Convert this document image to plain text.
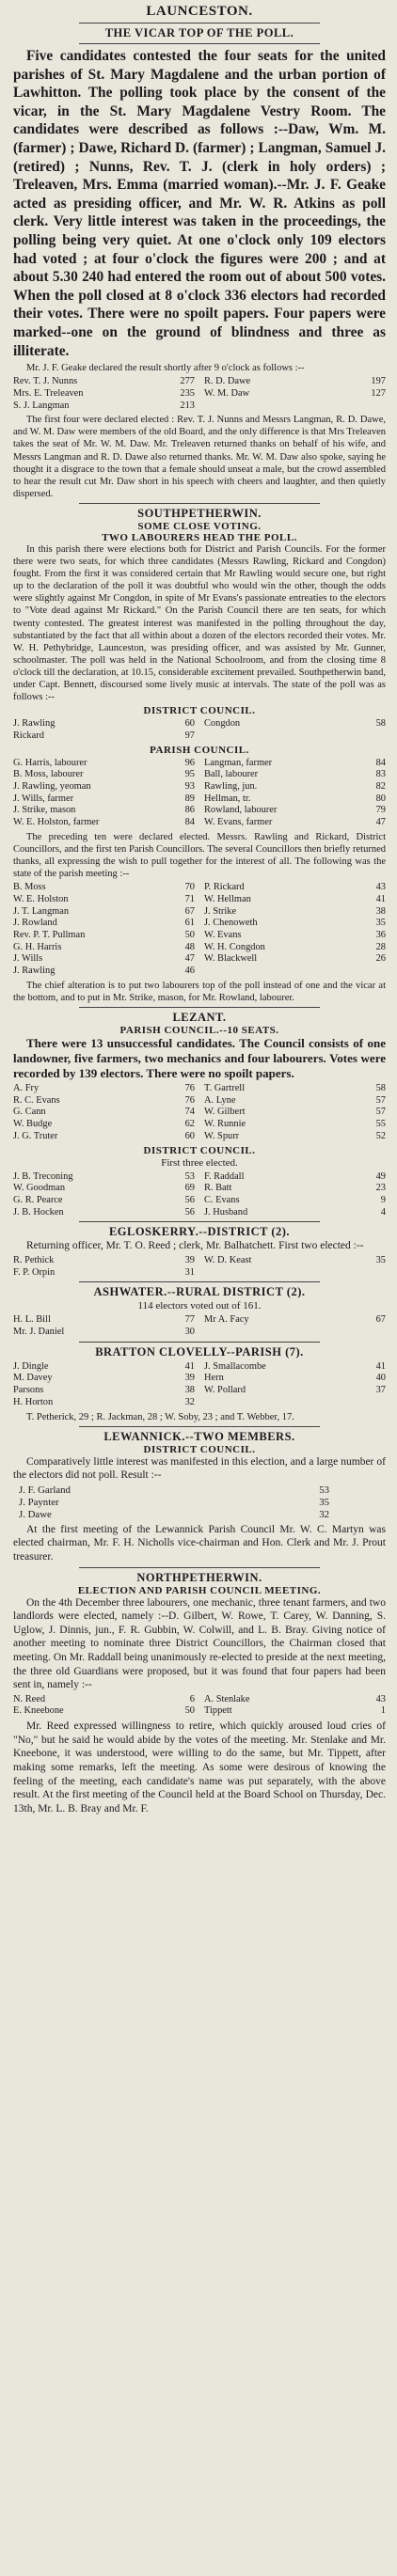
LAUNCESTON.
THE VICAR TOP OF THE POLL.

Five candidates contested the four seats for the united parishes of St. Mary Magdalene and the urban portion of Lawhitton. The polling took place by the consent of the vicar, in the St. Mary Magdalene Vestry Room. The candidates were described as follows :--Daw, Wm. M. (farmer) ; Dawe, Richard D. (farmer) ; Langman, Samuel J. (retired) ; Nunns, Rev. T. J. (clerk in holy orders) ; Treleaven, Mrs. Emma (married woman).--Mr. J. F. Geake acted as presiding officer, and Mr. W. R. Atkins as poll clerk. Very little interest was taken in the proceedings, the polling being very quiet. At one o'clock only 109 electors had voted ; at four o'clock the figures were 200 ; and at about 5.30 240 had entered the room out of about 500 votes. When the poll closed at 8 o'clock 336 electors had recorded their votes. There were no spoilt papers. Four papers were marked--one on the ground of blindness and three as illiterate.

Mr. J. F. Geake declared the result shortly after 9 o'clock as follows :--

Rev. T. J. Nunns	277 R. D. Dawe	197
Mrs. E. Treleaven	235 W. M. Daw	127
S. J. Langman	213

The first four were declared elected : Rev. T. J. Nunns and Messrs Langman, R. D. Dawe, and W. M. Daw were members of the old Board, and the only difference is that Mrs Treleaven takes the seat of Mr. W. M. Daw. Mr. Treleaven returned thanks on behalf of his wife, and Messrs Langman and R. D. Dawe also returned thanks. Mr. W. M. Daw also spoke, saying he thought it a disgrace to the town that a female should unseat a male, but the crowd assembled to hear the result cut Mr. Daw short in his speech with cheers and laughter, and then quietly dispersed.

SOUTHPETHERWIN.
SOME CLOSE VOTING.
TWO LABOURERS HEAD THE POLL.

In this parish there were elections both for District and Parish Councils. For the former there were two seats, for which three candidates (Messrs Rawling, Rickard and Congdon) fought. From the first it was considered certain that Mr Rawling would secure one, but right up to the declaration of the poll it was doubtful who would win the other, though the odds were slightly against Mr Congdon, in spite of Mr Evans's passionate entreaties to the electors to "Vote dead against Mr Rickard." On the Parish Council there are ten seats, for which twenty contested. The greatest interest was manifested in the polling throughout the day, substantiated by the fact that all within about a dozen of the electors recorded their votes. Mr. W. H. Pethybridge, Launceston, was presiding officer, and was assisted by Mr. Gunner, schoolmaster. The poll was held in the National Schoolroom, and from the closing time 8 o'clock till the declaration, at 10.15, considerable excitement prevailed. Southpetherwin band, under Capt. Bennett, discoursed some lively music at intervals. The state of the poll was as follows :--

DISTRICT COUNCIL.
J. Rawling	60 Congdon	58
Rickard	97
PARISH COUNCIL.
G. Harris, labourer	96 Langman, farmer	84
B. Moss, labourer	95 Ball, labourer	83
J. Rawling, yeoman	93 Rawling, jun.	82
J. Wills, farmer	89 Hellman, tr.	80
J. Strike, mason	86 Rowland, labourer	79
W. E. Holston, farmer	84 W. Evans, farmer	47

The preceding ten were declared elected. Messrs. Rawling and Rickard, District Councillors, and the first ten Parish Councillors. The several Councillors then briefly returned thanks, all expressing the wish to pull together for the interest of all. The following was the state of the parish meeting :--

B. Moss	70 P. Rickard	43
W. E. Holston	71 W. Hellman	41
J. T. Langman	67 J. Strike	38
J. Rowland	61 J. Chenoweth	35
Rev. P. T. Pullman	50 W. Evans	36
G. H. Harris	48 W. H. Congdon	28
J. Wills	47 W. Blackwell	26
J. Rawling	46

The chief alteration is to put two labourers top of the poll instead of one and the vicar at the bottom, and to put in Mr. Strike, mason, for Mr. Rowland, labourer.

LEZANT.
PARISH COUNCIL.--10 SEATS.

There were 13 unsuccessful candidates. The Council consists of one landowner, five farmers, two mechanics and four labourers. Votes were recorded by 139 electors. There were no spoilt papers.

A. Fry	76 T. Gartrell	58
R. C. Evans	76 A. Lyne	57
G. Cann	74 W. Gilbert	57
W. Budge	62 W. Runnie	55
J. G. Truter	60 W. Spurr	52
DISTRICT COUNCIL.
First three elected.
J. B. Treconing	53 F. Raddall	49
W. Goodman	69 R. Batt	23
G. R. Pearce	56 C. Evans	9
J. B. Hocken	56 J. Husband	4
EGLOSKERRY.--DISTRICT (2).

Returning officer, Mr. T. O. Reed ; clerk, Mr. Balhatchett. First two elected :--

R. Pethick	39 W. D. Keast	35
F. P. Orpin	31
ASHWATER.--RURAL DISTRICT (2).
114 electors voted out of 161.
H. L. Bill	77 Mr A. Facy	67
Mr. J. Daniel	30
BRATTON CLOVELLY--PARISH (7).
J. Dingle	41 J. Smallacombe	41
M. Davey	39 Hern	40
Parsons	38 W. Pollard	37
H. Horton	32

T. Petherick, 29 ; R. Jackman, 28 ; W. Soby, 23 ; and T. Webber, 17.

LEWANNICK.--TWO MEMBERS.
DISTRICT COUNCIL.

Comparatively little interest was manifested in this election, and a large number of the electors did not poll. Result :--

J. F. Garland	53
J. Paynter	35
J. Dawe	32

At the first meeting of the Lewannick Parish Council Mr. W. C. Martyn was elected chairman, Mr. F. H. Nicholls vice-chairman and Hon. Clerk and Mr. J. Prout treasurer.

NORTHPETHERWIN.
ELECTION AND PARISH COUNCIL MEETING.

On the 4th December three labourers, one mechanic, three tenant farmers, and two landlords were elected, namely :--D. Gilbert, W. Rowe, T. Carey, W. Danning, S. Uglow, J. Dinnis, jun., F. R. Gubbin, W. Colwill, and L. B. Bray. Giving notice of another meeting to nominate three District Councillors, the Chairman closed that meeting. On Mr. Raddall being unanimously re-elected to preside at the next meeting, the three old Guardians were proposed, but it was found that four papers had been sent in, namely :--

N. Reed	6 A. Stenlake	43
E. Kneebone	50 Tippett	1

Mr. Reed expressed willingness to retire, which quickly aroused loud cries of "No," but he said he would abide by the votes of the meeting. Mr. Stenlake and Mr. Kneebone, it was understood, were willing to do the same, but Mr. Tippett, after making some remarks, left the meeting. As some were desirous of knowing the feeling of the meeting, each candidate's name was put separately, with the above result. At the first meeting of the Council held at the Board School on Thursday, Dec. 13th, Mr. L. B. Bray and Mr. F.
